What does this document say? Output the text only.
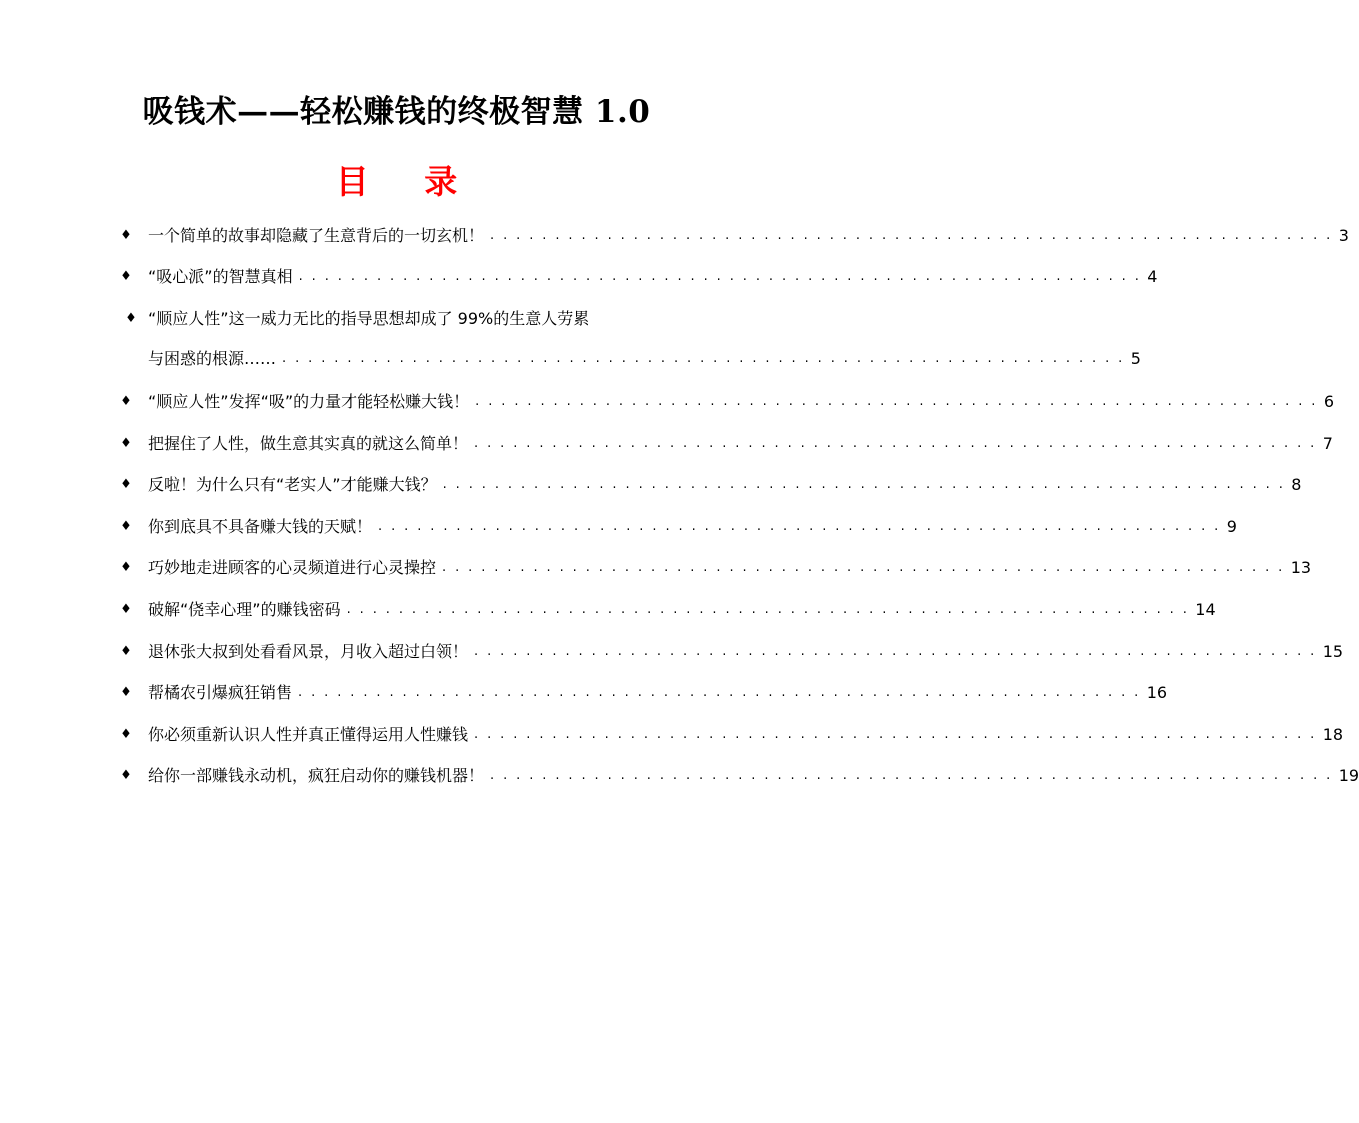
吸钱术——轻松赚钱的终极智慧 1.0
目 录
♦ 一个简单的故事却隐藏了生意背后的一切玄机！ . . . . . . . . . . . . . . . . . . . . . . . . . . . . . . . . . . . . . . . . . . . . . . . . . . . . . . . . . . . . . . . . . 3
♦ “吸心派”的智慧真相 . . . . . . . . . . . . . . . . . . . . . . . . . . . . . . . . . . . . . . . . . . . . . . . . . . . . . . . . . . . . . . . . . 4
♦ “顺应人性”这一威力无比的指导思想却成了 99%的生意人劳累
与困惑的根源…… . . . . . . . . . . . . . . . . . . . . . . . . . . . . . . . . . . . . . . . . . . . . . . . . . . . . . . . . . . . . . . . . . 5
♦ “顺应人性”发挥“吸”的力量才能轻松赚大钱！ . . . . . . . . . . . . . . . . . . . . . . . . . . . . . . . . . . . . . . . . . . . . . . . . . . . . . . . . . . . . . . . . . 6
♦ 把握住了人性，做生意其实真的就这么简单！ . . . . . . . . . . . . . . . . . . . . . . . . . . . . . . . . . . . . . . . . . . . . . . . . . . . . . . . . . . . . . . . . . 7
♦ 反啦！为什么只有“老实人”才能赚大钱？ . . . . . . . . . . . . . . . . . . . . . . . . . . . . . . . . . . . . . . . . . . . . . . . . . . . . . . . . . . . . . . . . . 8
♦ 你到底具不具备赚大钱的天赋！ . . . . . . . . . . . . . . . . . . . . . . . . . . . . . . . . . . . . . . . . . . . . . . . . . . . . . . . . . . . . . . . . . 9
♦ 巧妙地走进顾客的心灵频道进行心灵操控 . . . . . . . . . . . . . . . . . . . . . . . . . . . . . . . . . . . . . . . . . . . . . . . . . . . . . . . . . . . . . . . . . 13
♦ 破解“侥幸心理”的赚钱密码 . . . . . . . . . . . . . . . . . . . . . . . . . . . . . . . . . . . . . . . . . . . . . . . . . . . . . . . . . . . . . . . . . 14
♦ 退休张大叔到处看看风景，月收入超过白领！ . . . . . . . . . . . . . . . . . . . . . . . . . . . . . . . . . . . . . . . . . . . . . . . . . . . . . . . . . . . . . . . . . 15
♦ 帮橘农引爆疯狂销售 . . . . . . . . . . . . . . . . . . . . . . . . . . . . . . . . . . . . . . . . . . . . . . . . . . . . . . . . . . . . . . . . . 16
♦ 你必须重新认识人性并真正懂得运用人性赚钱 . . . . . . . . . . . . . . . . . . . . . . . . . . . . . . . . . . . . . . . . . . . . . . . . . . . . . . . . . . . . . . . . . 18
♦ 给你一部赚钱永动机，疯狂启动你的赚钱机器！ . . . . . . . . . . . . . . . . . . . . . . . . . . . . . . . . . . . . . . . . . . . . . . . . . . . . . . . . . . . . . . . . . 19
